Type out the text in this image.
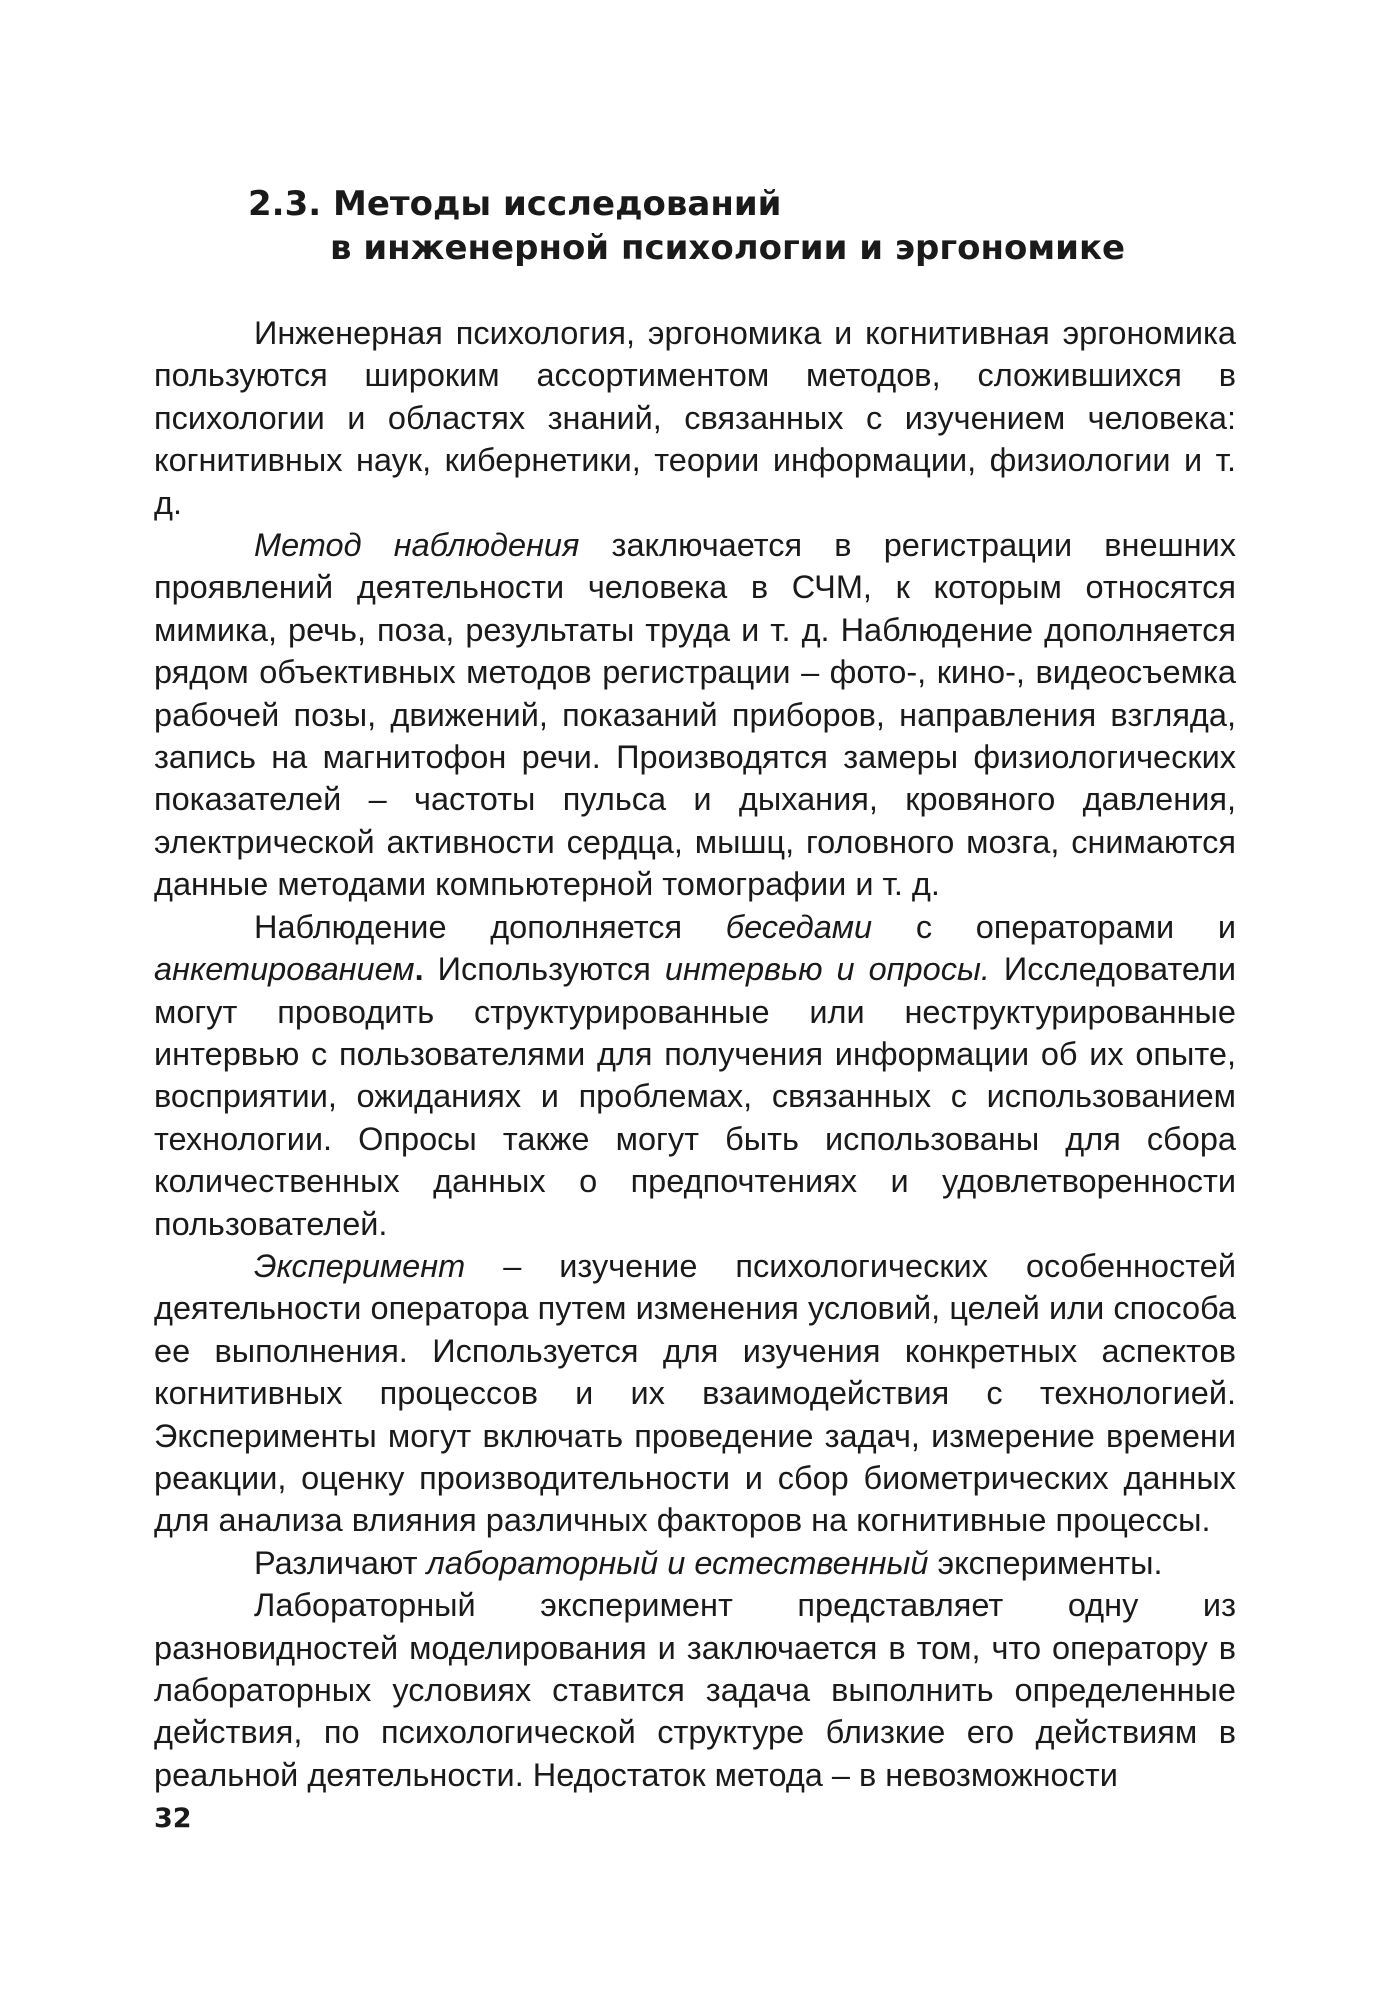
2.3. Методы исследований
в инженерной психологии и эргономике

Инженерная психология, эргономика и когнитивная эргономика пользуются широким ассортиментом методов, сложившихся в психологии и областях знаний, связанных с изучением человека: когнитивных наук, кибернетики, теории информации, физиологии и т. д.

Метод наблюдения заключается в регистрации внешних проявлений деятельности человека в СЧМ, к которым относятся мимика, речь, поза, результаты труда и т. д. Наблюдение дополняется рядом объективных методов регистрации – фото-, кино-, видеосъемка рабочей позы, движений, показаний приборов, направления взгляда, запись на магнитофон речи. Производятся замеры физиологических показателей – частоты пульса и дыхания, кровяного давления, электрической активности сердца, мышц, головного мозга, снимаются данные методами компьютерной томографии и т. д.

Наблюдение дополняется беседами с операторами и анкетированием. Используются интервью и опросы. Исследователи могут проводить структурированные или неструктурированные интервью с пользователями для получения информации об их опыте, восприятии, ожиданиях и проблемах, связанных с использованием технологии. Опросы также могут быть использованы для сбора количественных данных о предпочтениях и удовлетворенности пользователей.

Эксперимент – изучение психологических особенностей деятельности оператора путем изменения условий, целей или способа ее выполнения. Используется для изучения конкретных аспектов когнитивных процессов и их взаимодействия с технологией. Эксперименты могут включать проведение задач, измерение времени реакции, оценку производительности и сбор биометрических данных для анализа влияния различных факторов на когнитивные процессы.

Различают лабораторный и естественный эксперименты.

Лабораторный эксперимент представляет одну из разновидностей моделирования и заключается в том, что оператору в лабораторных условиях ставится задача выполнить определенные действия, по психологической структуре близкие его действиям в реальной деятельности. Недостаток метода – в невозможности

32
